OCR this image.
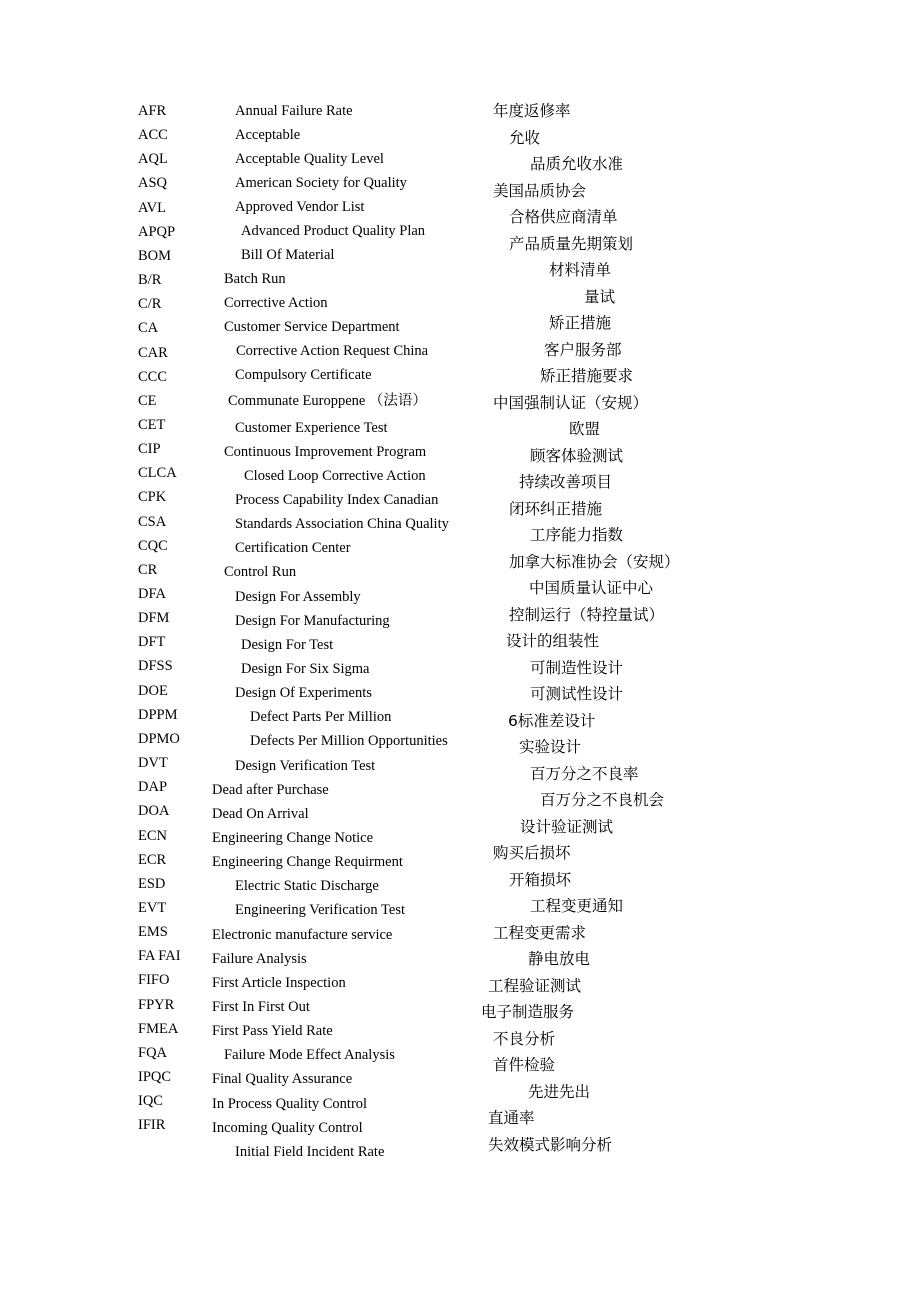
AFR
ACC
AQL
ASQ
AVL
APQP
BOM
B/R
C/R
CA
CAR
CCC
CE
CET
CIP
CLCA
CPK
CSA
CQC
CR
DFA
DFM
DFT
DFSS
DOE
DPPM
DPMO
DVT
DAP
DOA
ECN
ECR
ESD
EVT
EMS
FA FAI
FIFO
FPYR
FMEA
FQA
IPQC
IQC
IFIR
Annual Failure Rate
Acceptable
Acceptable Quality Level
American Society for Quality
Approved Vendor List
Advanced Product Quality Plan
Bill Of Material
Batch Run
Corrective Action
Customer Service Department
Corrective Action Request China
Compulsory Certificate
Communate Europpene （法语）
Customer Experience Test
Continuous Improvement Program
Closed Loop Corrective Action
Process Capability Index Canadian
Standards Association China Quality
Certification Center
Control Run
Design For Assembly
Design For Manufacturing
Design For Test
Design For Six Sigma
Design Of Experiments
Defect Parts Per Million
Defects Per Million Opportunities
Design Verification Test
Dead after Purchase
Dead On Arrival
Engineering Change Notice
Engineering Change Requirment
Electric Static Discharge
Engineering Verification Test
Electronic manufacture service
Failure Analysis
First Article Inspection
First In First Out
First Pass Yield Rate
Failure Mode Effect Analysis
Final Quality Assurance
In Process Quality Control
Incoming Quality Control
Initial Field Incident Rate
年度返修率
允收
品质允收水准
美国品质协会
合格供应商清单
产品质量先期策划
材料清单
量试
矫正措施
客户服务部
矫正措施要求
中国强制认证（安规）
欧盟
顾客体验测试
持续改善项目
闭环纠正措施
工序能力指数
加拿大标准协会（安规）
中国质量认证中心
控制运行（特控量试）
设计的组装性
可制造性设计
可测试性设计
6标准差设计
实验设计
百万分之不良率
百万分之不良机会
设计验证测试
购买后损坏
开箱损坏
工程变更通知
工程变更需求
静电放电
工程验证测试
电子制造服务
不良分析
首件检验
先进先出
直通率
失效模式影响分析
